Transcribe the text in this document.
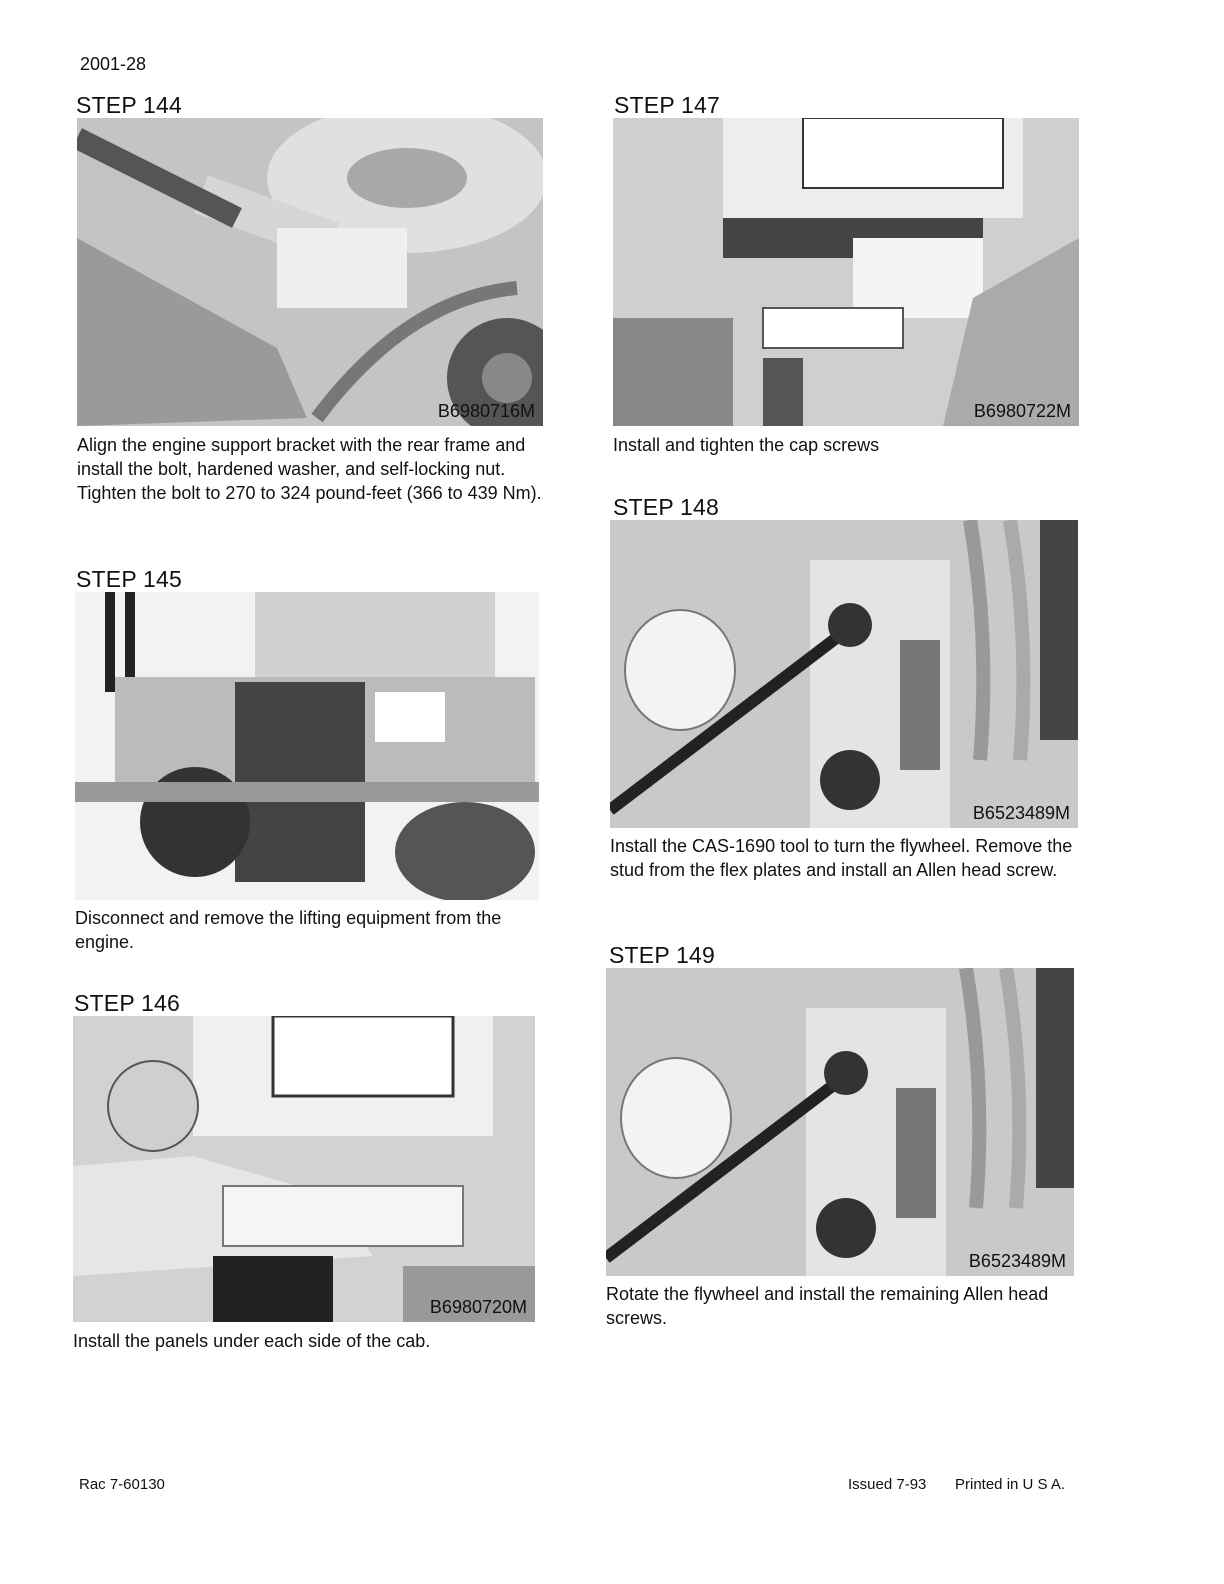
2001-28
STEP 144
B6980716M
Align the engine support bracket with the rear frame and install the bolt, hardened washer, and self-locking nut. Tighten the bolt to 270 to 324 pound-feet (366 to 439 Nm).
STEP 145
Disconnect and remove the lifting equipment from the engine.
STEP 146
B6980720M
Install the panels under each side of the cab.
STEP 147
B6980722M
Install and tighten the cap screws
STEP 148
B6523489M
Install the CAS-1690 tool to turn the flywheel. Remove the stud from the flex plates and install an Allen head screw.
STEP 149
B6523489M
Rotate the flywheel and install the remaining Allen head screws.
Rac 7-60130	Issued 7-93 Printed in U S A.
